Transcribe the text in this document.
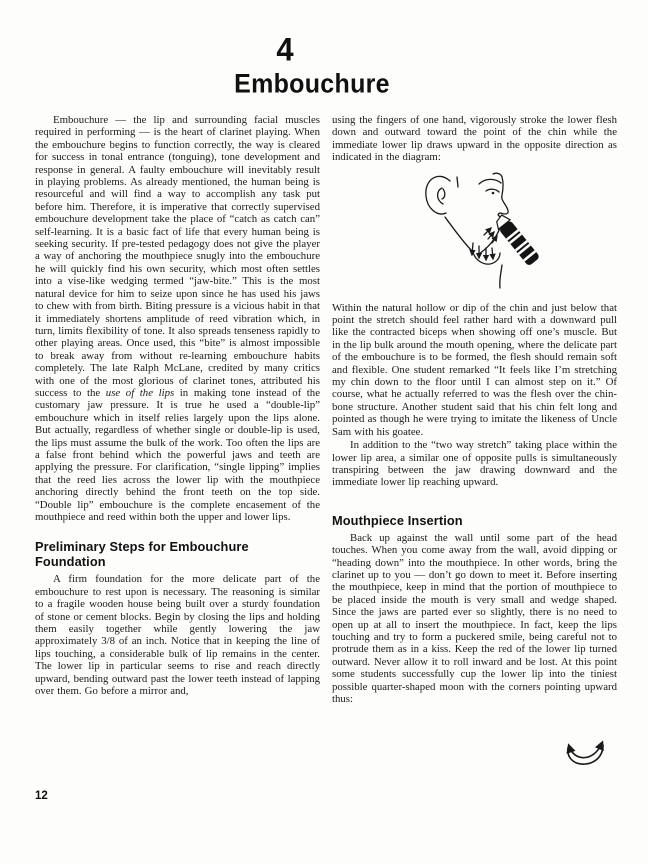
4
Embouchure

Embouchure — the lip and surrounding facial muscles required in performing — is the heart of clarinet playing. When the embouchure begins to function correctly, the way is cleared for success in tonal entrance (tonguing), tone development and response in general. A faulty embouchure will inevitably result in playing problems. As already mentioned, the human being is resourceful and will find a way to accomplish any task put before him. Therefore, it is imperative that correctly supervised embouchure development take the place of “catch as catch can” self-learning. It is a basic fact of life that every human being is seeking security. If pre-tested pedagogy does not give the player a way of anchoring the mouthpiece snugly into the embouchure he will quickly find his own security, which most often settles into a vise-like wedging termed “jaw-bite.” This is the most natural device for him to seize upon since he has used his jaws to chew with from birth. Biting pressure is a vicious habit in that it immediately shortens amplitude of reed vibration which, in turn, limits flexibility of tone. It also spreads tenseness rapidly to other playing areas. Once used, this “bite” is almost impossible to break away from without re-learning embouchure habits completely. The late Ralph McLane, credited by many critics with one of the most glorious of clarinet tones, attributed his success to the use of the lips in making tone instead of the customary jaw pressure. It is true he used a “double-lip” embouchure which in itself relies largely upon the lips alone. But actually, regardless of whether single or double-lip is used, the lips must assume the bulk of the work. Too often the lips are a false front behind which the powerful jaws and teeth are applying the pressure. For clarification, “single lipping” implies that the reed lies across the lower lip with the mouthpiece anchoring directly behind the front teeth on the top side. “Double lip” embouchure is the complete encasement of the mouthpiece and reed within both the upper and lower lips.

Preliminary Steps for Embouchure Foundation

A firm foundation for the more delicate part of the embouchure to rest upon is necessary. The reasoning is similar to a fragile wooden house being built over a sturdy foundation of stone or cement blocks. Begin by closing the lips and holding them easily together while gently lowering the jaw approximately 3/8 of an inch. Notice that in keeping the line of lips touching, a considerable bulk of lip remains in the center. The lower lip in particular seems to rise and reach directly upward, bending outward past the lower teeth instead of lapping over them. Go before a mirror and,

using the fingers of one hand, vigorously stroke the lower flesh down and outward toward the point of the chin while the immediate lower lip draws upward in the opposite direction as indicated in the diagram:

Within the natural hollow or dip of the chin and just below that point the stretch should feel rather hard with a downward pull like the contracted biceps when showing off one’s muscle. But in the lip bulk around the mouth opening, where the delicate part of the embouchure is to be formed, the flesh should remain soft and flexible. One student remarked “It feels like I’m stretching my chin down to the floor until I can almost step on it.” Of course, what he actually referred to was the flesh over the chin-bone structure. Another student said that his chin felt long and pointed as though he were trying to imitate the likeness of Uncle Sam with his goatee.

In addition to the “two way stretch” taking place within the lower lip area, a similar one of opposite pulls is simultaneously transpiring between the jaw drawing downward and the immediate lower lip reaching upward.

Mouthpiece Insertion

Back up against the wall until some part of the head touches. When you come away from the wall, avoid dipping or “heading down” into the mouthpiece. In other words, bring the clarinet up to you — don’t go down to meet it. Before inserting the mouthpiece, keep in mind that the portion of mouthpiece to be placed inside the mouth is very small and wedge shaped. Since the jaws are parted ever so slightly, there is no need to open up at all to insert the mouthpiece. In fact, keep the lips touching and try to form a puckered smile, being careful not to protrude them as in a kiss. Keep the red of the lower lip turned outward. Never allow it to roll inward and be lost. At this point some students successfully cup the lower lip into the tiniest possible quarter-shaped moon with the corners pointing upward thus:

12
